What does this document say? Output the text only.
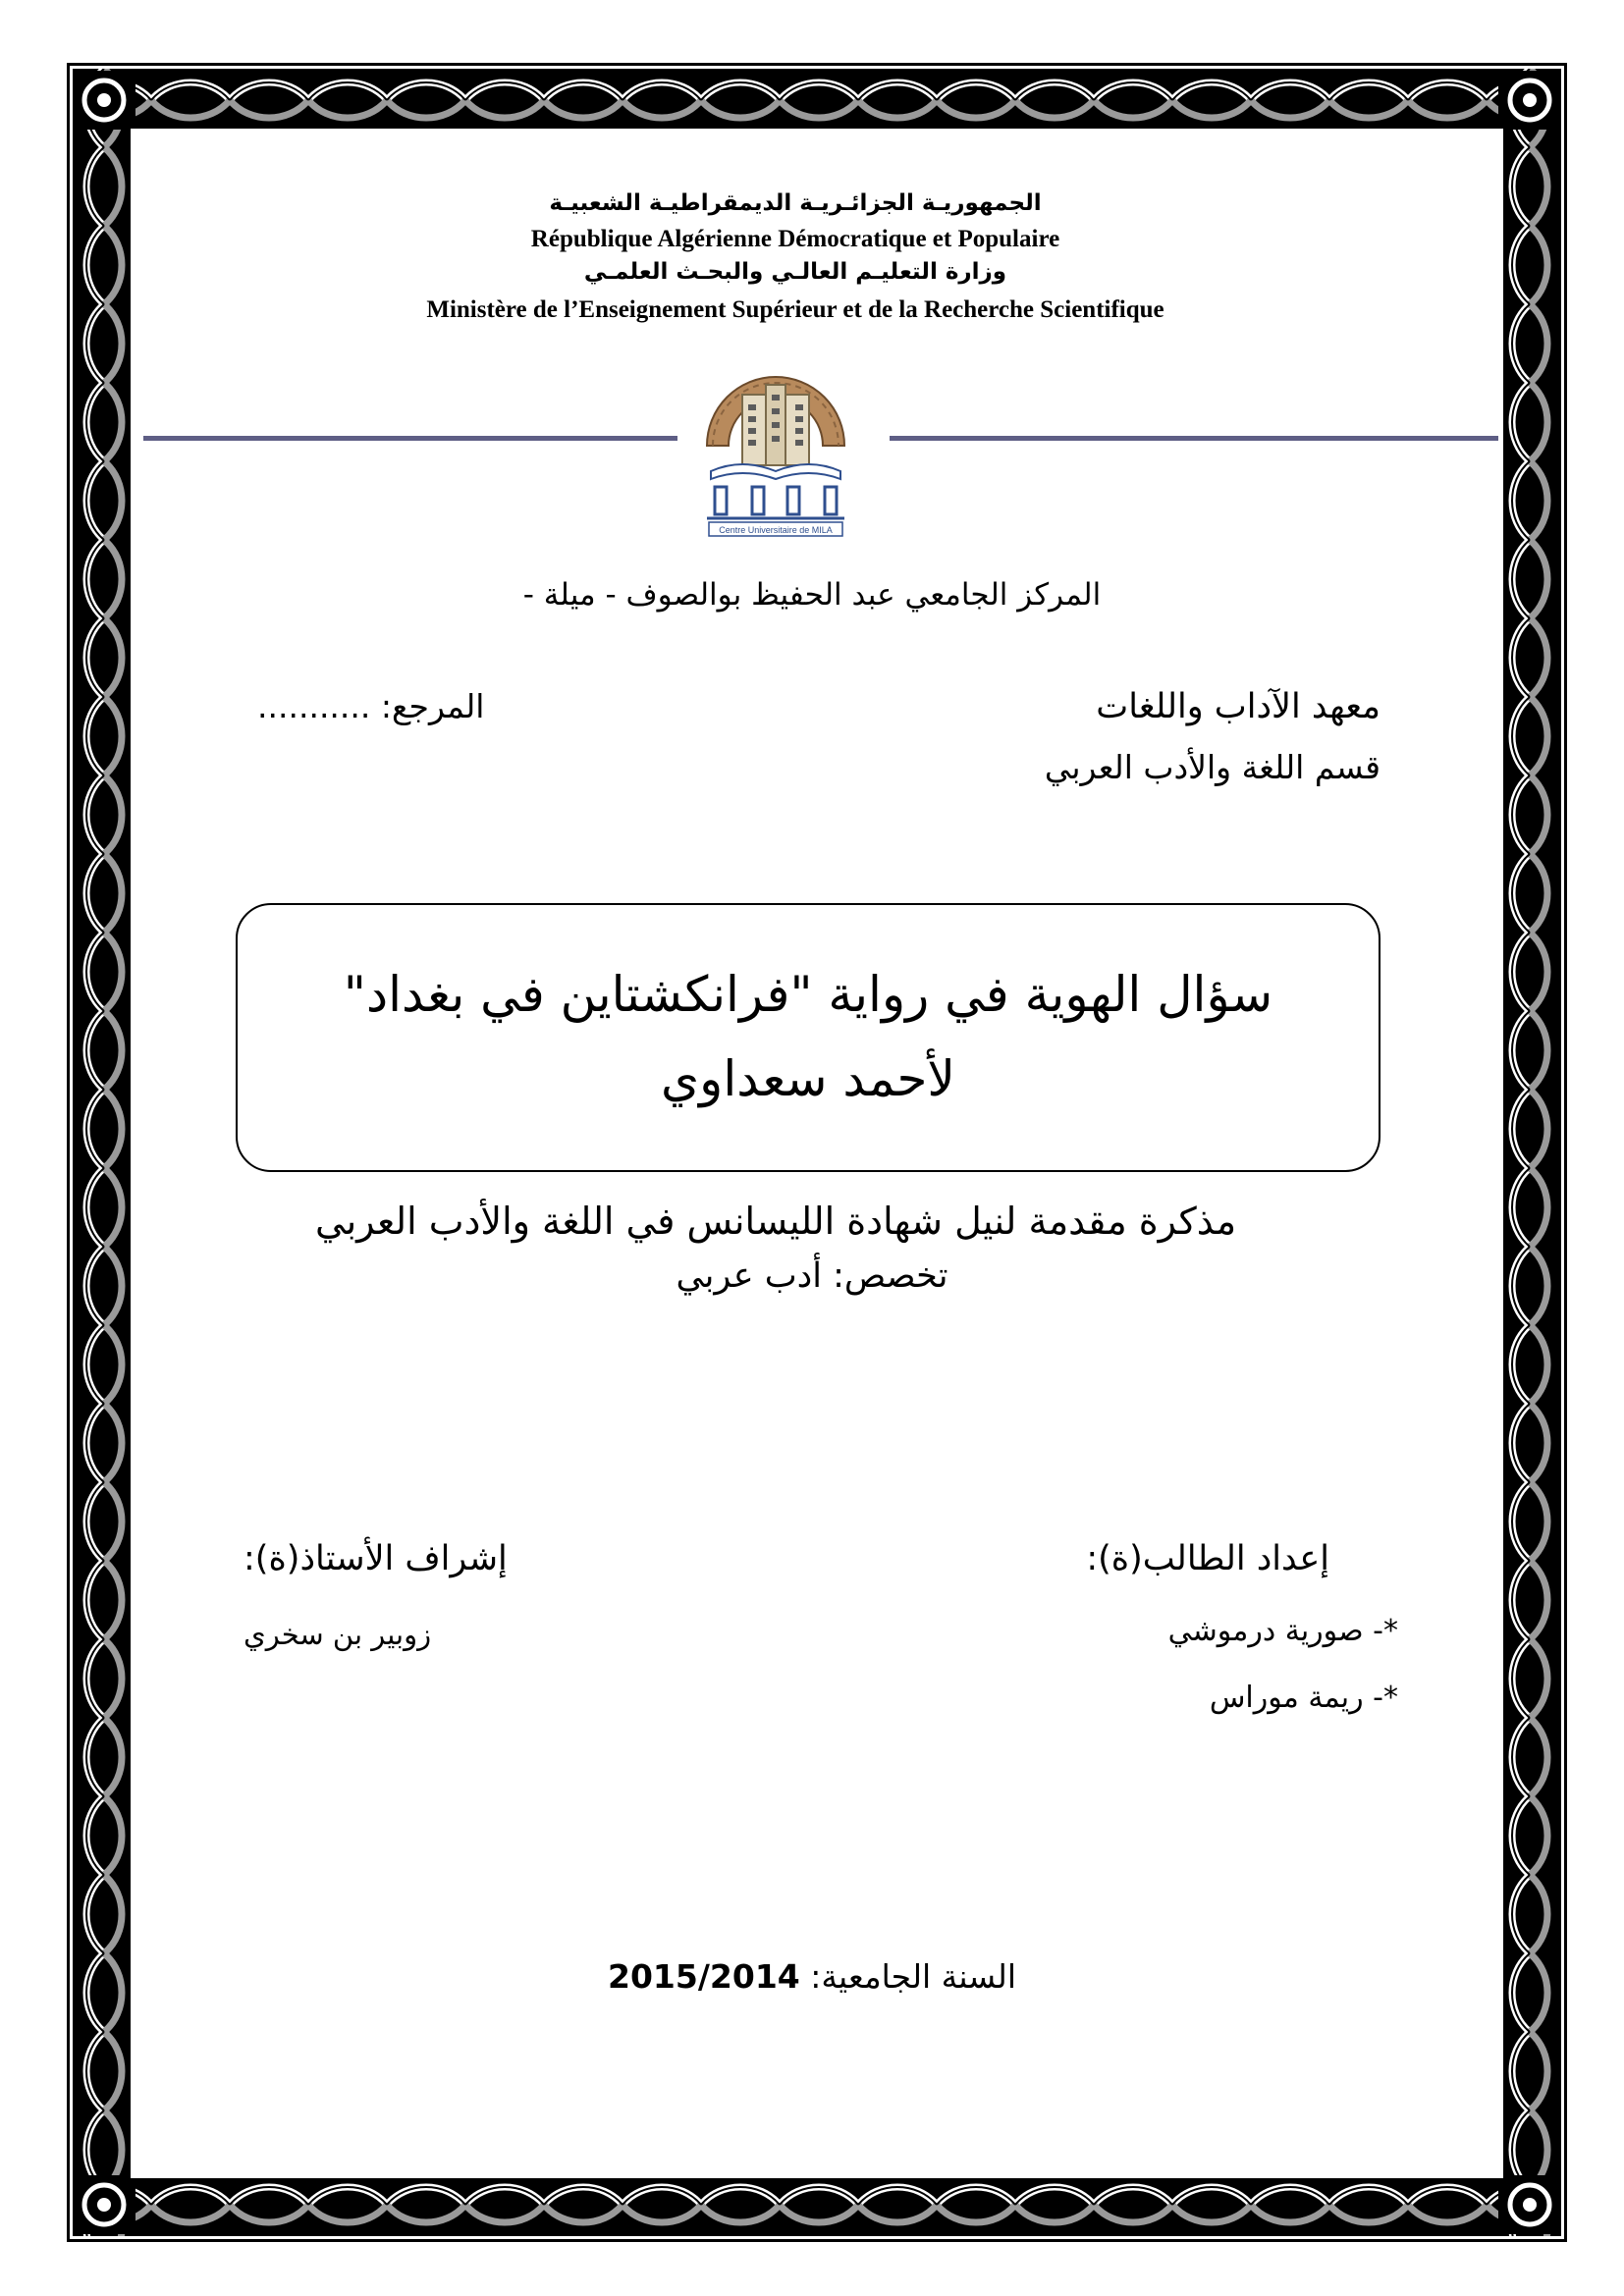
الجمهوريـة الجزائـريـة الديمقراطيـة الشعبيـة
République Algérienne Démocratique et Populaire
وزارة التعليـم العالـي والبحـث العلمـي
Ministère de l’Enseignement Supérieur et de la Recherche Scientifique
Centre Universitaire de MILA
المركز الجامعي عبد الحفيظ بوالصوف - ميلة -
معهد الآداب واللغات
قسم اللغة والأدب العربي
المرجع: ...........
سؤال الهوية في رواية "فرانكشتاين في بغداد"
لأحمد سعداوي
مذكرة مقدمة لنيل شهادة الليسانس في اللغة والأدب العربي
تخصص: أدب عربي
إعداد الطالب(ة):
*- صورية درموشي
*- ريمة موراس
إشراف الأستاذ(ة):
زوبير بن سخري
السنة الجامعية: 2015/2014
